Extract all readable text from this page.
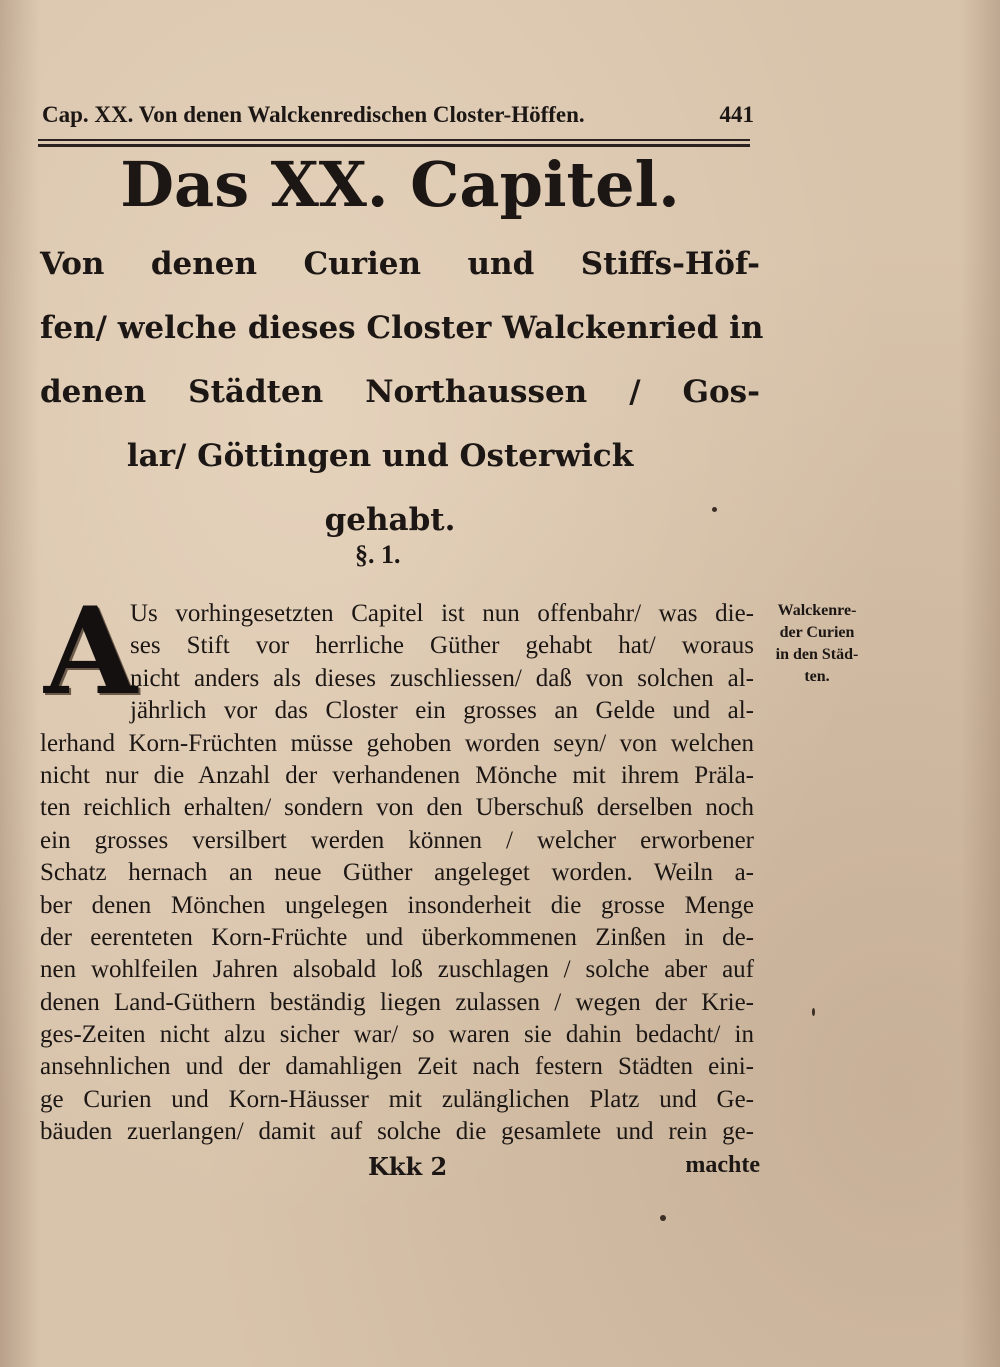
Cap. XX. Von denen Walckenredischen Closter-Höffen.	441
Das XX. Capitel.
Von denen Curien und Stiffs-Höf-
fen/ welche dieses Closter Walckenried in
denen Städten Northaussen / Gos-
lar/ Göttingen und Osterwick
gehabt.
§. 1.
A
Us vorhingesetzten Capitel ist nun offenbahr/ was die-
ses Stift vor herrliche Güther gehabt hat/ woraus
nicht anders als dieses zuschliessen/ daß von solchen al-
jährlich vor das Closter ein grosses an Gelde und al-
lerhand Korn-Früchten müsse gehoben worden seyn/ von welchen
nicht nur die Anzahl der verhandenen Mönche mit ihrem Präla-
ten reichlich erhalten/ sondern von den Uberschuß derselben noch
ein grosses versilbert werden können / welcher erworbener
Schatz hernach an neue Güther angeleget worden. Weiln a-
ber denen Mönchen ungelegen insonderheit die grosse Menge
der eerenteten Korn-Früchte und überkommenen Zinßen in de-
nen wohlfeilen Jahren alsobald loß zuschlagen / solche aber auf
denen Land-Güthern beständig liegen zulassen / wegen der Krie-
ges-Zeiten nicht alzu sicher war/ so waren sie dahin bedacht/ in
ansehnlichen und der damahligen Zeit nach festern Städten eini-
ge Curien und Korn-Häusser mit zulänglichen Platz und Ge-
bäuden zuerlangen/ damit auf solche die gesamlete und rein ge-
Walckenre-
der Curien
in den Städ-
ten.
Kkk 2	machte
